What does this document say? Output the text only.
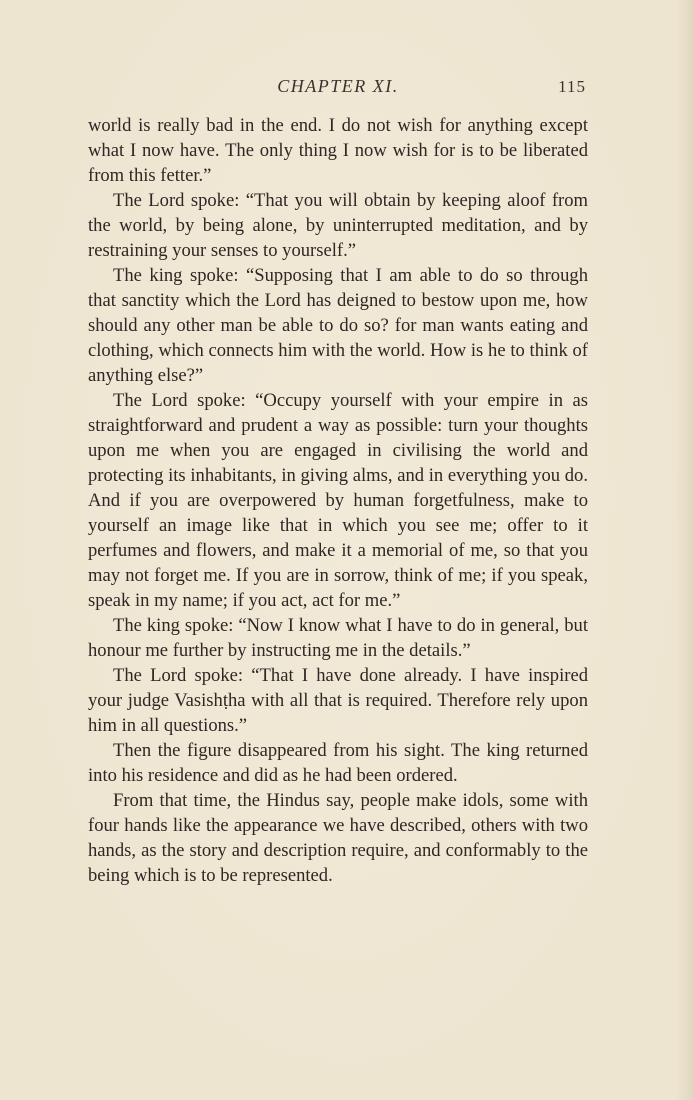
CHAPTER XI.	115

world is really bad in the end. I do not wish for anything except what I now have. The only thing I now wish for is to be liberated from this fetter.”

The Lord spoke: “That you will obtain by keeping aloof from the world, by being alone, by uninterrupted meditation, and by restraining your senses to yourself.”

The king spoke: “Supposing that I am able to do so through that sanctity which the Lord has deigned to bestow upon me, how should any other man be able to do so? for man wants eating and clothing, which connects him with the world. How is he to think of anything else?”

The Lord spoke: “Occupy yourself with your empire in as straightforward and prudent a way as possible: turn your thoughts upon me when you are engaged in civilising the world and protecting its inhabitants, in giving alms, and in everything you do. And if you are overpowered by human forgetfulness, make to yourself an image like that in which you see me; offer to it perfumes and flowers, and make it a memorial of me, so that you may not forget me. If you are in sorrow, think of me; if you speak, speak in my name; if you act, act for me.”

The king spoke: “Now I know what I have to do in general, but honour me further by instructing me in the details.”

The Lord spoke: “That I have done already. I have inspired your judge Vasishṭha with all that is required. Therefore rely upon him in all questions.”

Then the figure disappeared from his sight. The king returned into his residence and did as he had been ordered.

From that time, the Hindus say, people make idols, some with four hands like the appearance we have described, others with two hands, as the story and description require, and conformably to the being which is to be represented.
